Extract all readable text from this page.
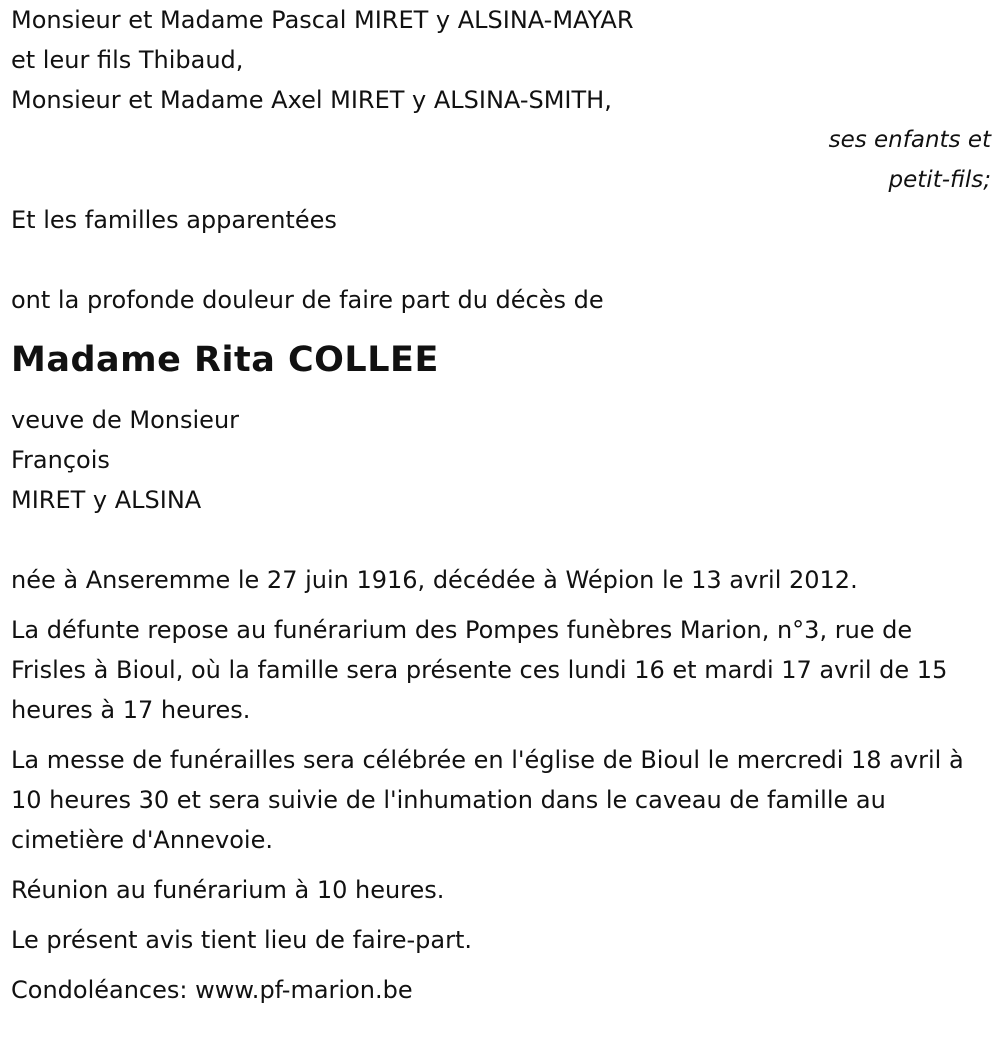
Monsieur et Madame Pascal MIRET y ALSINA-MAYAR

et leur fils Thibaud,

Monsieur et Madame Axel MIRET y ALSINA-SMITH,

ses enfants et

petit-fils;

Et les familles apparentées

ont la profonde douleur de faire part du décès de

Madame Rita COLLEE

veuve de Monsieur

François

MIRET y ALSINA

née à Anseremme le 27 juin 1916, décédée à Wépion le 13 avril 2012.

La défunte repose au funérarium des Pompes funèbres Marion, n°3, rue de Frisles à Bioul, où la famille sera présente ces lundi 16 et mardi 17 avril de 15 heures à 17 heures.

La messe de funérailles sera célébrée en l'église de Bioul le mercredi 18 avril à 10 heures 30 et sera suivie de l'inhumation dans le caveau de famille au cimetière d'Annevoie.

Réunion au funérarium à 10 heures.

Le présent avis tient lieu de faire-part.

Condoléances: www.pf-marion.be
